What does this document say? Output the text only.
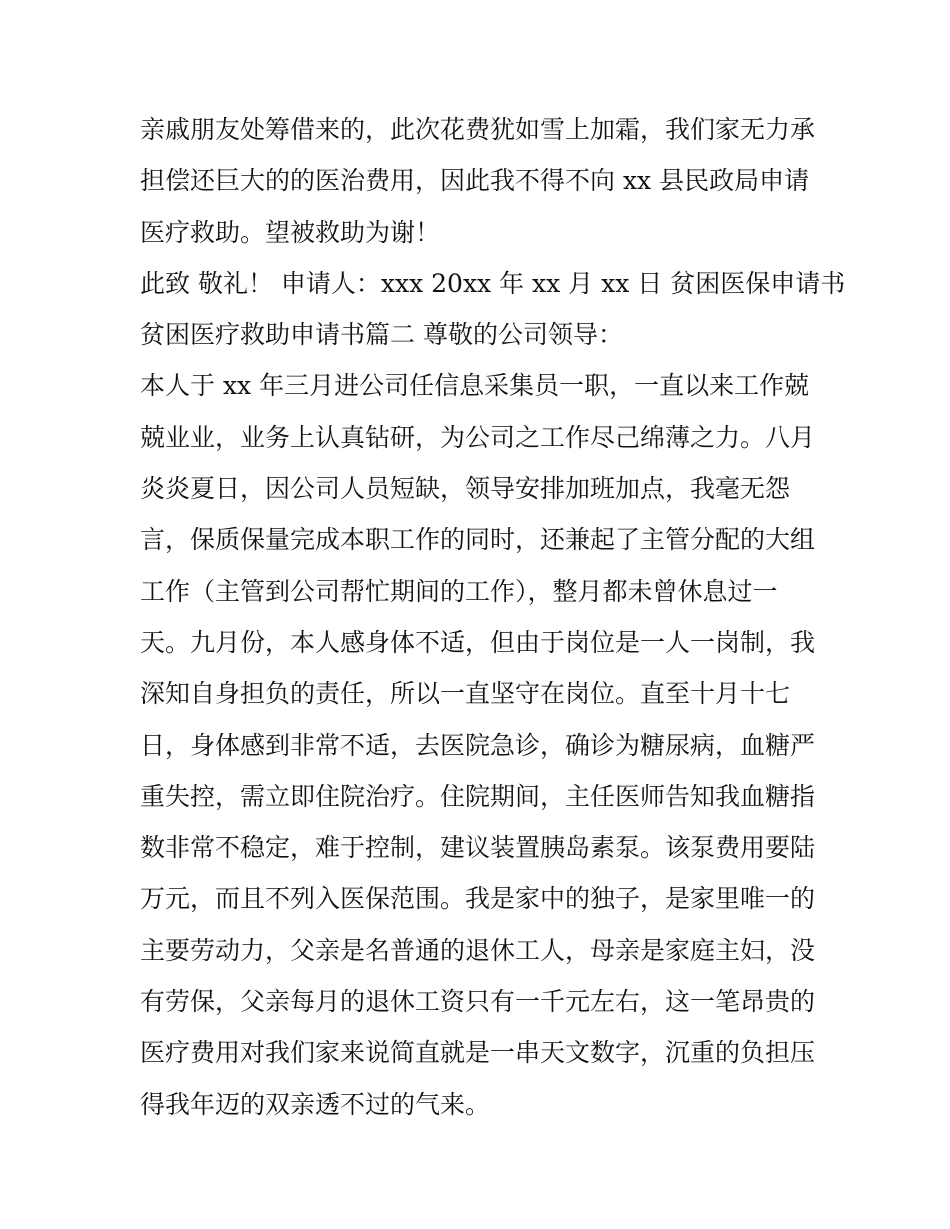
亲戚朋友处筹借来的，此次花费犹如雪上加霜，我们家无力承
担偿还巨大的的医治费用，因此我不得不向 xx 县民政局申请
医疗救助。望被救助为谢！
此致 敬礼！ 申请人：xxx 20xx 年 xx 月 xx 日 贫困医保申请书
贫困医疗救助申请书篇二 尊敬的公司领导：
本人于 xx 年三月进公司任信息采集员一职，一直以来工作兢
兢业业，业务上认真钻研，为公司之工作尽己绵薄之力。八月
炎炎夏日，因公司人员短缺，领导安排加班加点，我毫无怨
言，保质保量完成本职工作的同时，还兼起了主管分配的大组
工作（主管到公司帮忙期间的工作），整月都未曾休息过一
天。九月份，本人感身体不适，但由于岗位是一人一岗制，我
深知自身担负的责任，所以一直坚守在岗位。直至十月十七
日，身体感到非常不适，去医院急诊，确诊为糖尿病，血糖严
重失控，需立即住院治疗。住院期间，主任医师告知我血糖指
数非常不稳定，难于控制，建议装置胰岛素泵。该泵费用要陆
万元，而且不列入医保范围。我是家中的独子，是家里唯一的
主要劳动力，父亲是名普通的退休工人，母亲是家庭主妇，没
有劳保，父亲每月的退休工资只有一千元左右，这一笔昂贵的
医疗费用对我们家来说简直就是一串天文数字，沉重的负担压
得我年迈的双亲透不过的气来。
